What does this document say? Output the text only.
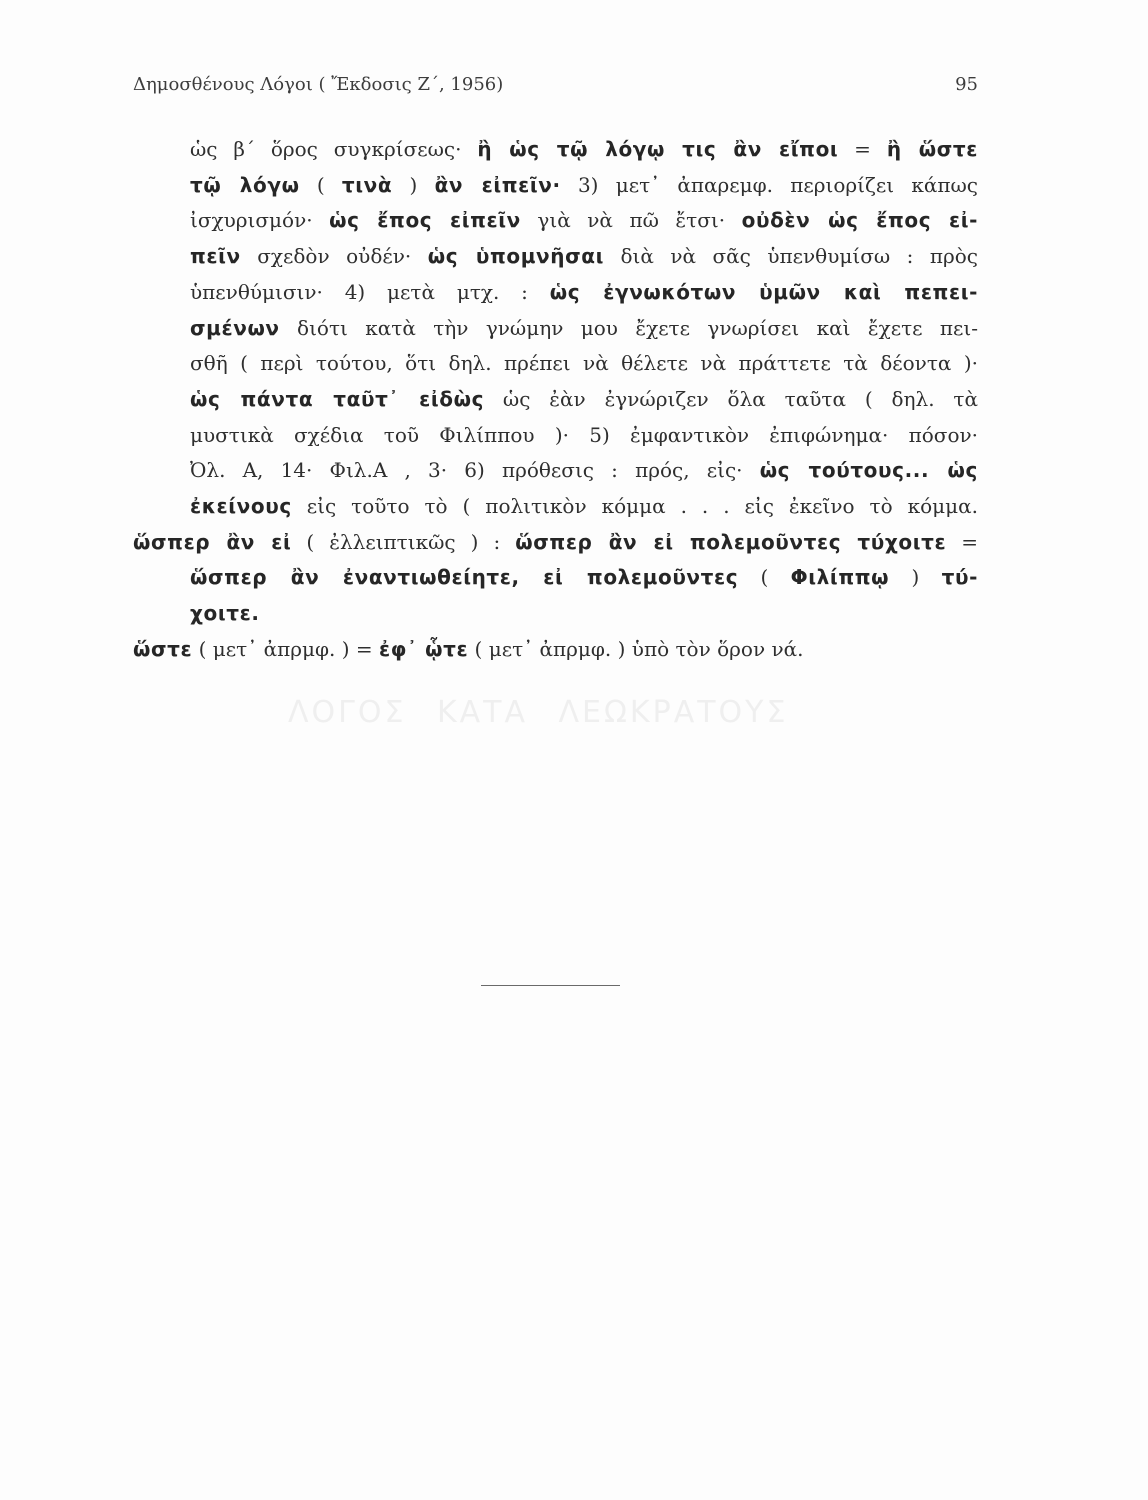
Δημοσθένους Λόγοι ( Ἔκδοσις Ζ΄, 1956)	95
ὡς β΄ ὅρος συγκρίσεως· ἢ ὡς τῷ λόγῳ τις ἂν εἴποι = ἢ ὥστε
τῷ λόγω ( τινὰ ) ἂν εἰπεῖν· 3) μετ᾽ ἀπαρεμφ. περιορίζει κάπως
ἰσχυρισμόν· ὡς ἔπος εἰπεῖν γιὰ νὰ πῶ ἔτσι· οὐδὲν ὡς ἔπος εἰ-
πεῖν σχεδὸν οὐδέν· ὡς ὑπομνῆσαι διὰ νὰ σᾶς ὑπενθυμίσω : πρὸς
ὑπενθύμισιν· 4) μετὰ μτχ. : ὡς ἐγνωκότων ὑμῶν καὶ πεπει-
σμένων διότι κατὰ τὴν γνώμην μου ἔχετε γνωρίσει καὶ ἔχετε πει-
σθῆ ( περὶ τούτου, ὅτι δηλ. πρέπει νὰ θέλετε νὰ πράττετε τὰ δέοντα )·
ὡς πάντα ταῦτ᾽ εἰδὼς ὡς ἐὰν ἐγνώριζεν ὅλα ταῦτα ( δηλ. τὰ
μυστικὰ σχέδια τοῦ Φιλίππου )· 5) ἐμφαντικὸν ἐπιφώνημα· πόσον·
Ὀλ. Α, 14· Φιλ.Α , 3· 6) πρόθεσις : πρός, εἰς· ὡς τούτους... ὡς
ἐκείνους εἰς τοῦτο τὸ ( πολιτικὸν κόμμα . . . εἰς ἐκεῖνο τὸ κόμμα.
ὥσπερ ἂν εἰ ( ἐλλειπτικῶς ) : ὥσπερ ἂν εἰ πολεμοῦντες τύχοιτε =
ὥσπερ ἂν ἐναντιωθείητε, εἰ πολεμοῦντες ( Φιλίππῳ ) τύ-
χοιτε.
ὥστε ( μετ᾽ ἀπρμφ. ) = ἐφ᾽ ᾧτε ( μετ᾽ ἀπρμφ. ) ὑπὸ τὸν ὅρον νά.
ΛΟΓΟΣ ΚΑΤΑ ΛΕΩΚΡΑΤΟΥΣ
